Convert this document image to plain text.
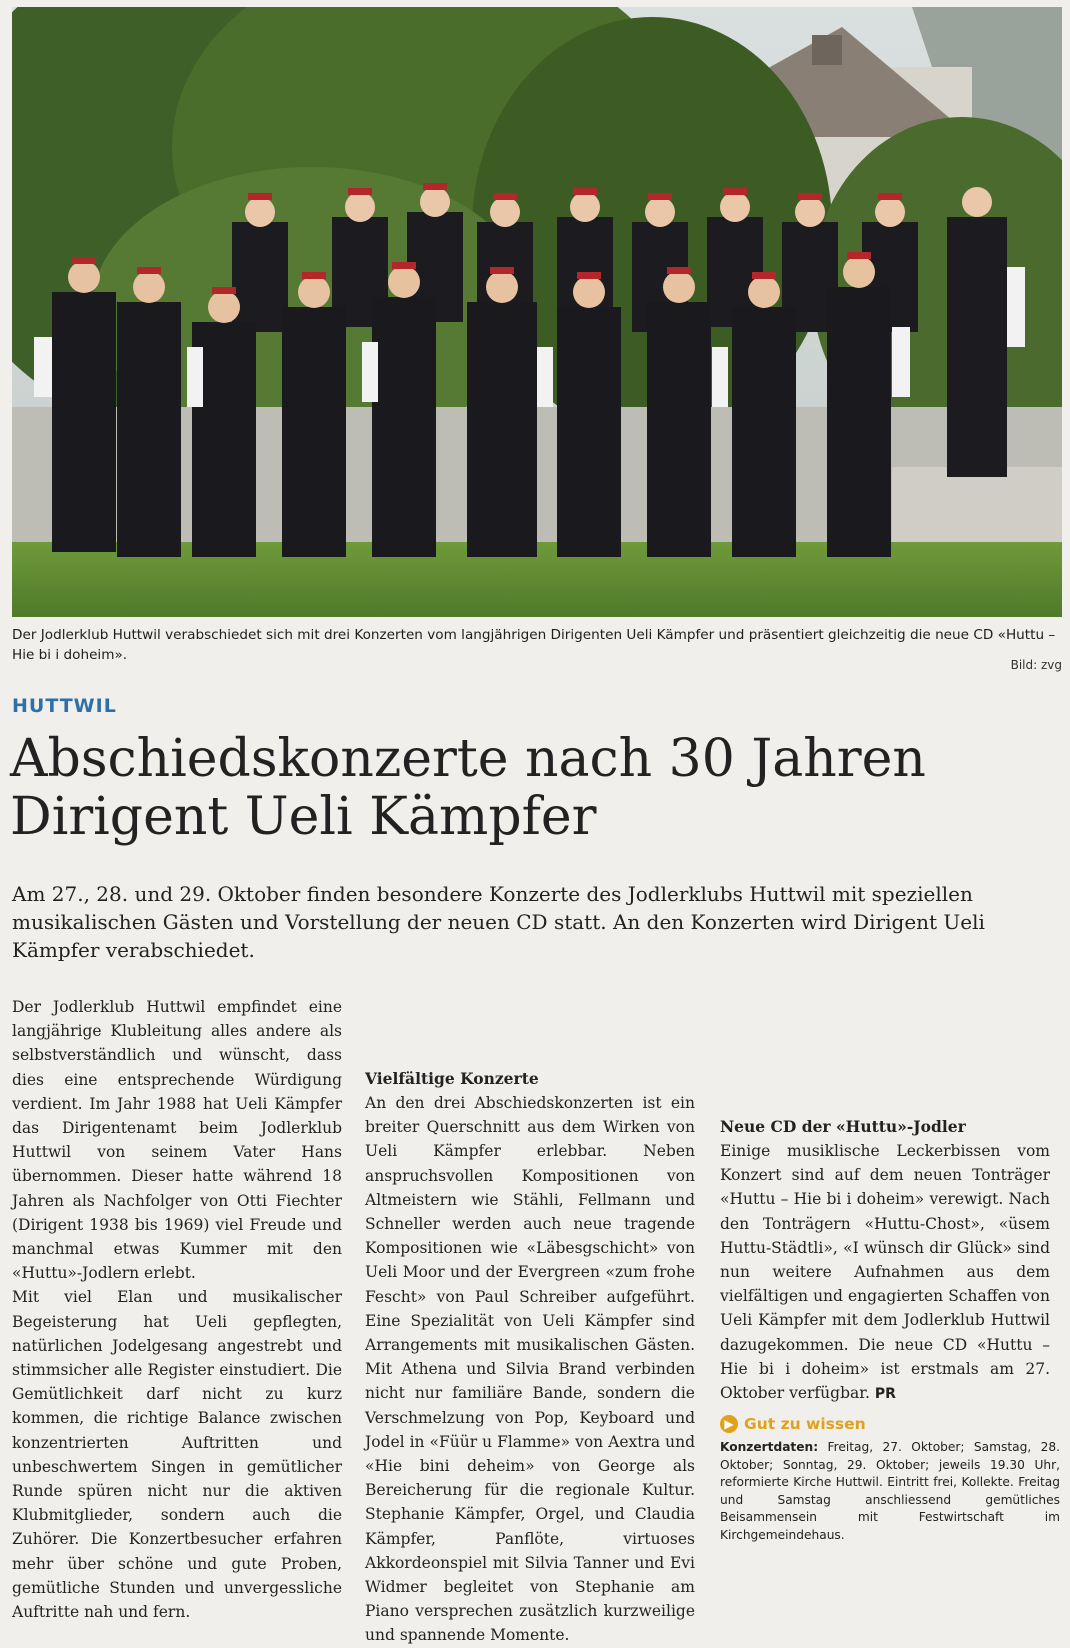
Der Jodlerklub Huttwil verabschiedet sich mit drei Konzerten vom langjährigen Dirigenten Ueli Kämpfer und präsentiert gleichzeitig die neue CD «Huttu – Hie bi i doheim».
Bild: zvg
HUTTWIL
Abschiedskonzerte nach 30 Jahren
Dirigent Ueli Kämpfer

Am 27., 28. und 29. Oktober finden besondere Konzerte des Jodlerklubs Huttwil mit speziellen musikalischen Gästen und Vorstellung der neuen CD statt. An den Konzerten wird Dirigent Ueli Kämpfer verabschiedet.

Der Jodlerklub Huttwil empfindet eine langjährige Klubleitung alles andere als selbstverständlich und wünscht, dass dies eine entsprechende Würdigung verdient. Im Jahr 1988 hat Ueli Kämpfer das Dirigentenamt beim Jodlerklub Huttwil von seinem Vater Hans übernommen. Dieser hatte während 18 Jahren als Nachfolger von Otti Fiechter (Dirigent 1938 bis 1969) viel Freude und manchmal etwas Kummer mit den «Huttu»-Jodlern erlebt.

Mit viel Elan und musikalischer Begeisterung hat Ueli gepflegten, natürlichen Jodelgesang angestrebt und stimmsicher alle Register einstudiert. Die Gemütlichkeit darf nicht zu kurz kommen, die richtige Balance zwischen konzentrierten Auftritten und unbeschwertem Singen in gemütlicher Runde spüren nicht nur die aktiven Klubmitglieder, sondern auch die Zuhörer. Die Konzertbesucher erfahren mehr über schöne und gute Proben, gemütliche Stunden und unvergessliche Auftritte nah und fern.

Vielfältige Konzerte

An den drei Abschiedskonzerten ist ein breiter Querschnitt aus dem Wirken von Ueli Kämpfer erlebbar. Neben anspruchsvollen Kompositionen von Altmeistern wie Stähli, Fellmann und Schneller werden auch neue tragende Kompositionen wie «Läbesgschicht» von Ueli Moor und der Evergreen «zum frohe Fescht» von Paul Schreiber aufgeführt. Eine Spezialität von Ueli Kämpfer sind Arrangements mit musikalischen Gästen. Mit Athena und Silvia Brand verbinden nicht nur familiäre Bande, sondern die Verschmelzung von Pop, Keyboard und Jodel in «Füür u Flamme» von Aextra und «Hie bini deheim» von George als Bereicherung für die regionale Kultur. Stephanie Kämpfer, Orgel, und Claudia Kämpfer, Panflöte, virtuoses Akkordeonspiel mit Silvia Tanner und Evi Widmer begleitet von Stephanie am Piano versprechen zusätzlich kurzweilige und spannende Momente.

Neue CD der «Huttu»-Jodler

Einige musiklische Leckerbissen vom Konzert sind auf dem neuen Tonträger «Huttu – Hie bi i doheim» verewigt. Nach den Tonträgern «Huttu-Chost», «üsem Huttu-Städtli», «I wünsch dir Glück» sind nun weitere Aufnahmen aus dem vielfältigen und engagierten Schaffen von Ueli Kämpfer mit dem Jodlerklub Huttwil dazugekommen. Die neue CD «Huttu – Hie bi i doheim» ist erstmals am 27. Oktober verfügbar. PR

▶ Gut zu wissen
Konzertdaten: Freitag, 27. Oktober; Samstag, 28. Oktober; Sonntag, 29. Oktober; jeweils 19.30 Uhr, reformierte Kirche Huttwil. Eintritt frei, Kollekte. Freitag und Samstag anschliessend gemütliches Beisammensein mit Festwirtschaft im Kirchgemeindehaus.
